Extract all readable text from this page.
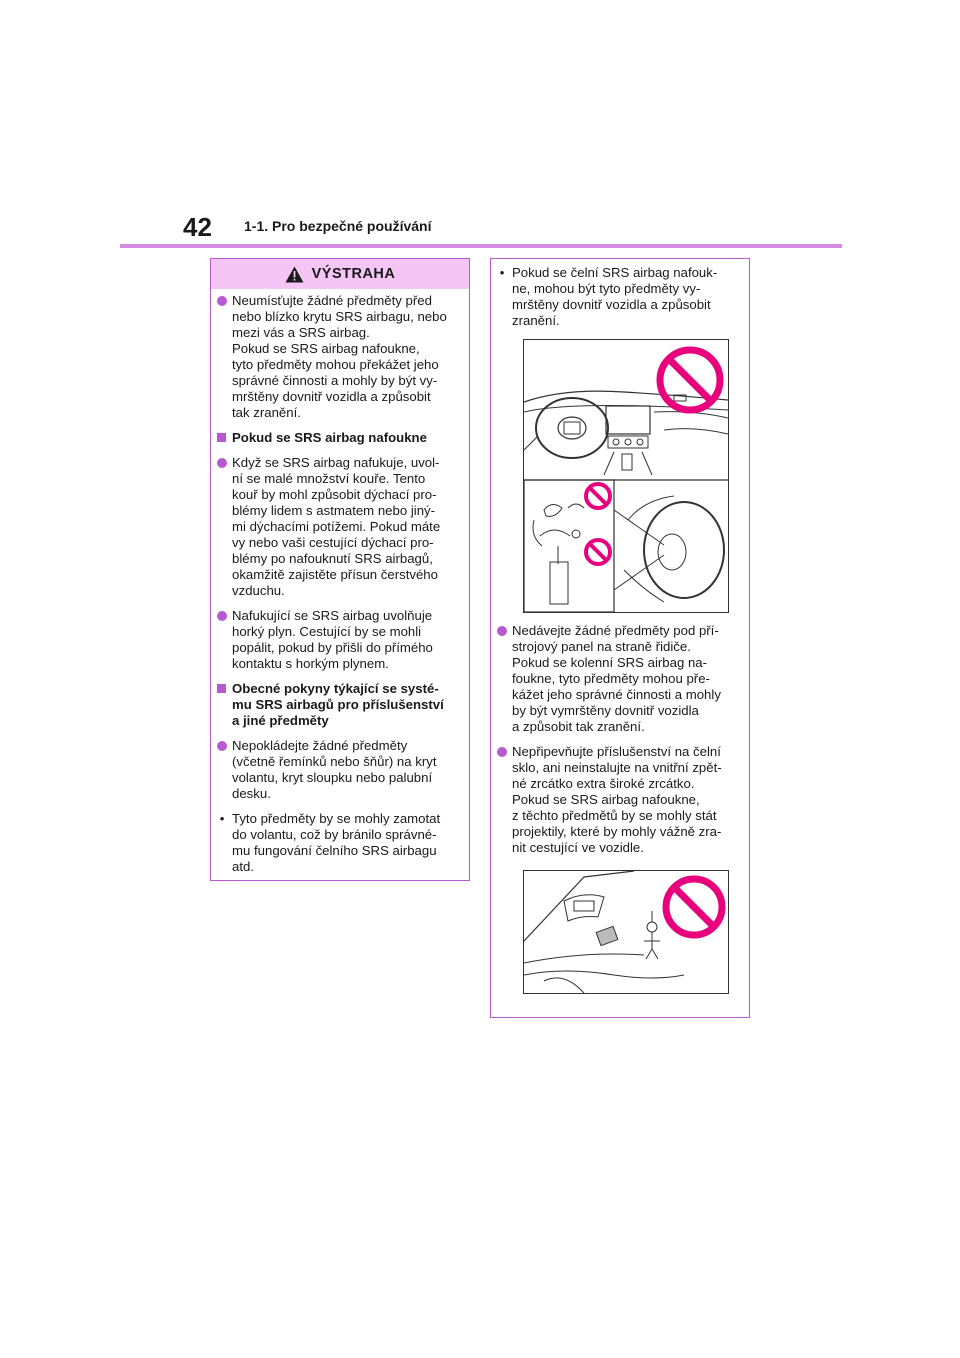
42 1-1. Pro bezpečné používání
VÝSTRAHA
Neumísťujte žádné předměty před
nebo blízko krytu SRS airbagu, nebo
mezi vás a SRS airbag.
Pokud se SRS airbag nafoukne,
tyto předměty mohou překážet jeho
správné činnosti a mohly by být vy-
mrštěny dovnitř vozidla a způsobit
tak zranění.
Pokud se SRS airbag nafoukne
Když se SRS airbag nafukuje, uvol-
ní se malé množství kouře. Tento
kouř by mohl způsobit dýchací pro-
blémy lidem s astmatem nebo jiný-
mi dýchacími potížemi. Pokud máte
vy nebo vaši cestující dýchací pro-
blémy po nafouknutí SRS airbagů,
okamžitě zajistěte přísun čerstvého
vzduchu.
Nafukující se SRS airbag uvolňuje
horký plyn. Cestující by se mohli
popálit, pokud by přišli do přímého
kontaktu s horkým plynem.
Obecné pokyny týkající se systé-
mu SRS airbagů pro příslušenství
a jiné předměty
Nepokládejte žádné předměty
(včetně řemínků nebo šňůr) na kryt
volantu, kryt sloupku nebo palubní
desku.
• Tyto předměty by se mohly zamotat
do volantu, což by bránilo správné-
mu fungování čelního SRS airbagu
atd.
• Pokud se čelní SRS airbag nafouk-
ne, mohou být tyto předměty vy-
mrštěny dovnitř vozidla a způsobit
zranění.
Nedávejte žádné předměty pod pří-
strojový panel na straně řidiče.
Pokud se kolenní SRS airbag na-
foukne, tyto předměty mohou pře-
kážet jeho správné činnosti a mohly
by být vymrštěny dovnitř vozidla
a způsobit tak zranění.
Nepřipevňujte příslušenství na čelní
sklo, ani neinstalujte na vnitřní zpět-
né zrcátko extra široké zrcátko.
Pokud se SRS airbag nafoukne,
z těchto předmětů by se mohly stát
projektily, které by mohly vážně zra-
nit cestující ve vozidle.
